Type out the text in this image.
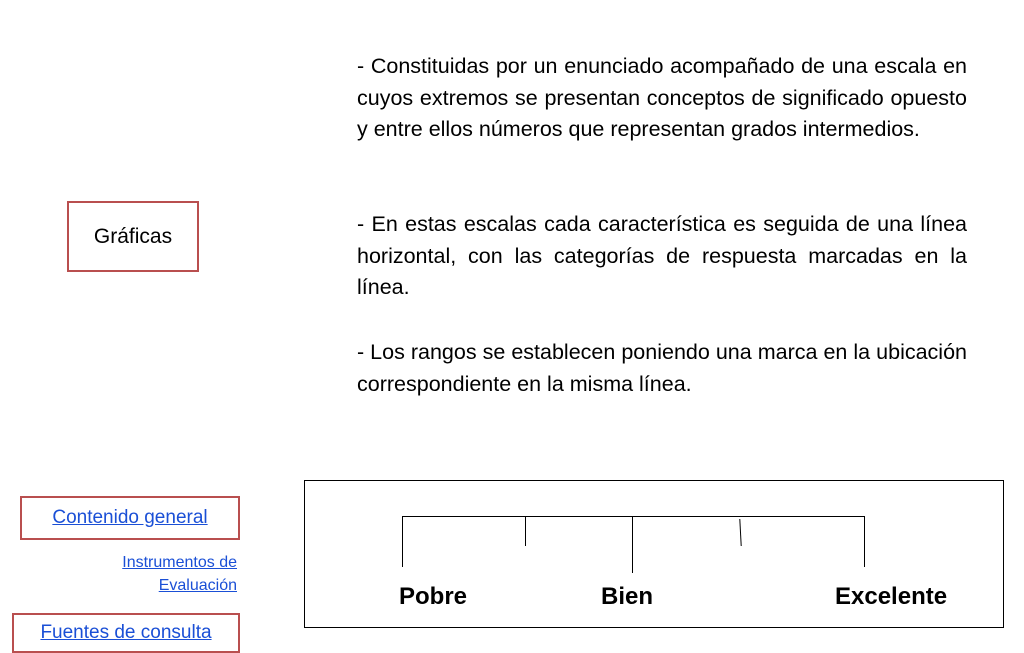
- Constituidas por un enunciado acompañado de una escala en cuyos extremos se presentan conceptos de significado opuesto y entre ellos números que representan grados intermedios.

- En estas escalas cada característica es seguida de una línea horizontal, con las categorías de respuesta marcadas en la línea.

- Los rangos se establecen poniendo una marca en la ubicación correspondiente en la misma línea.

Gráficas
Contenido general
Instrumentos de
Evaluación
Fuentes de consulta
Pobre	Bien	Excelente
